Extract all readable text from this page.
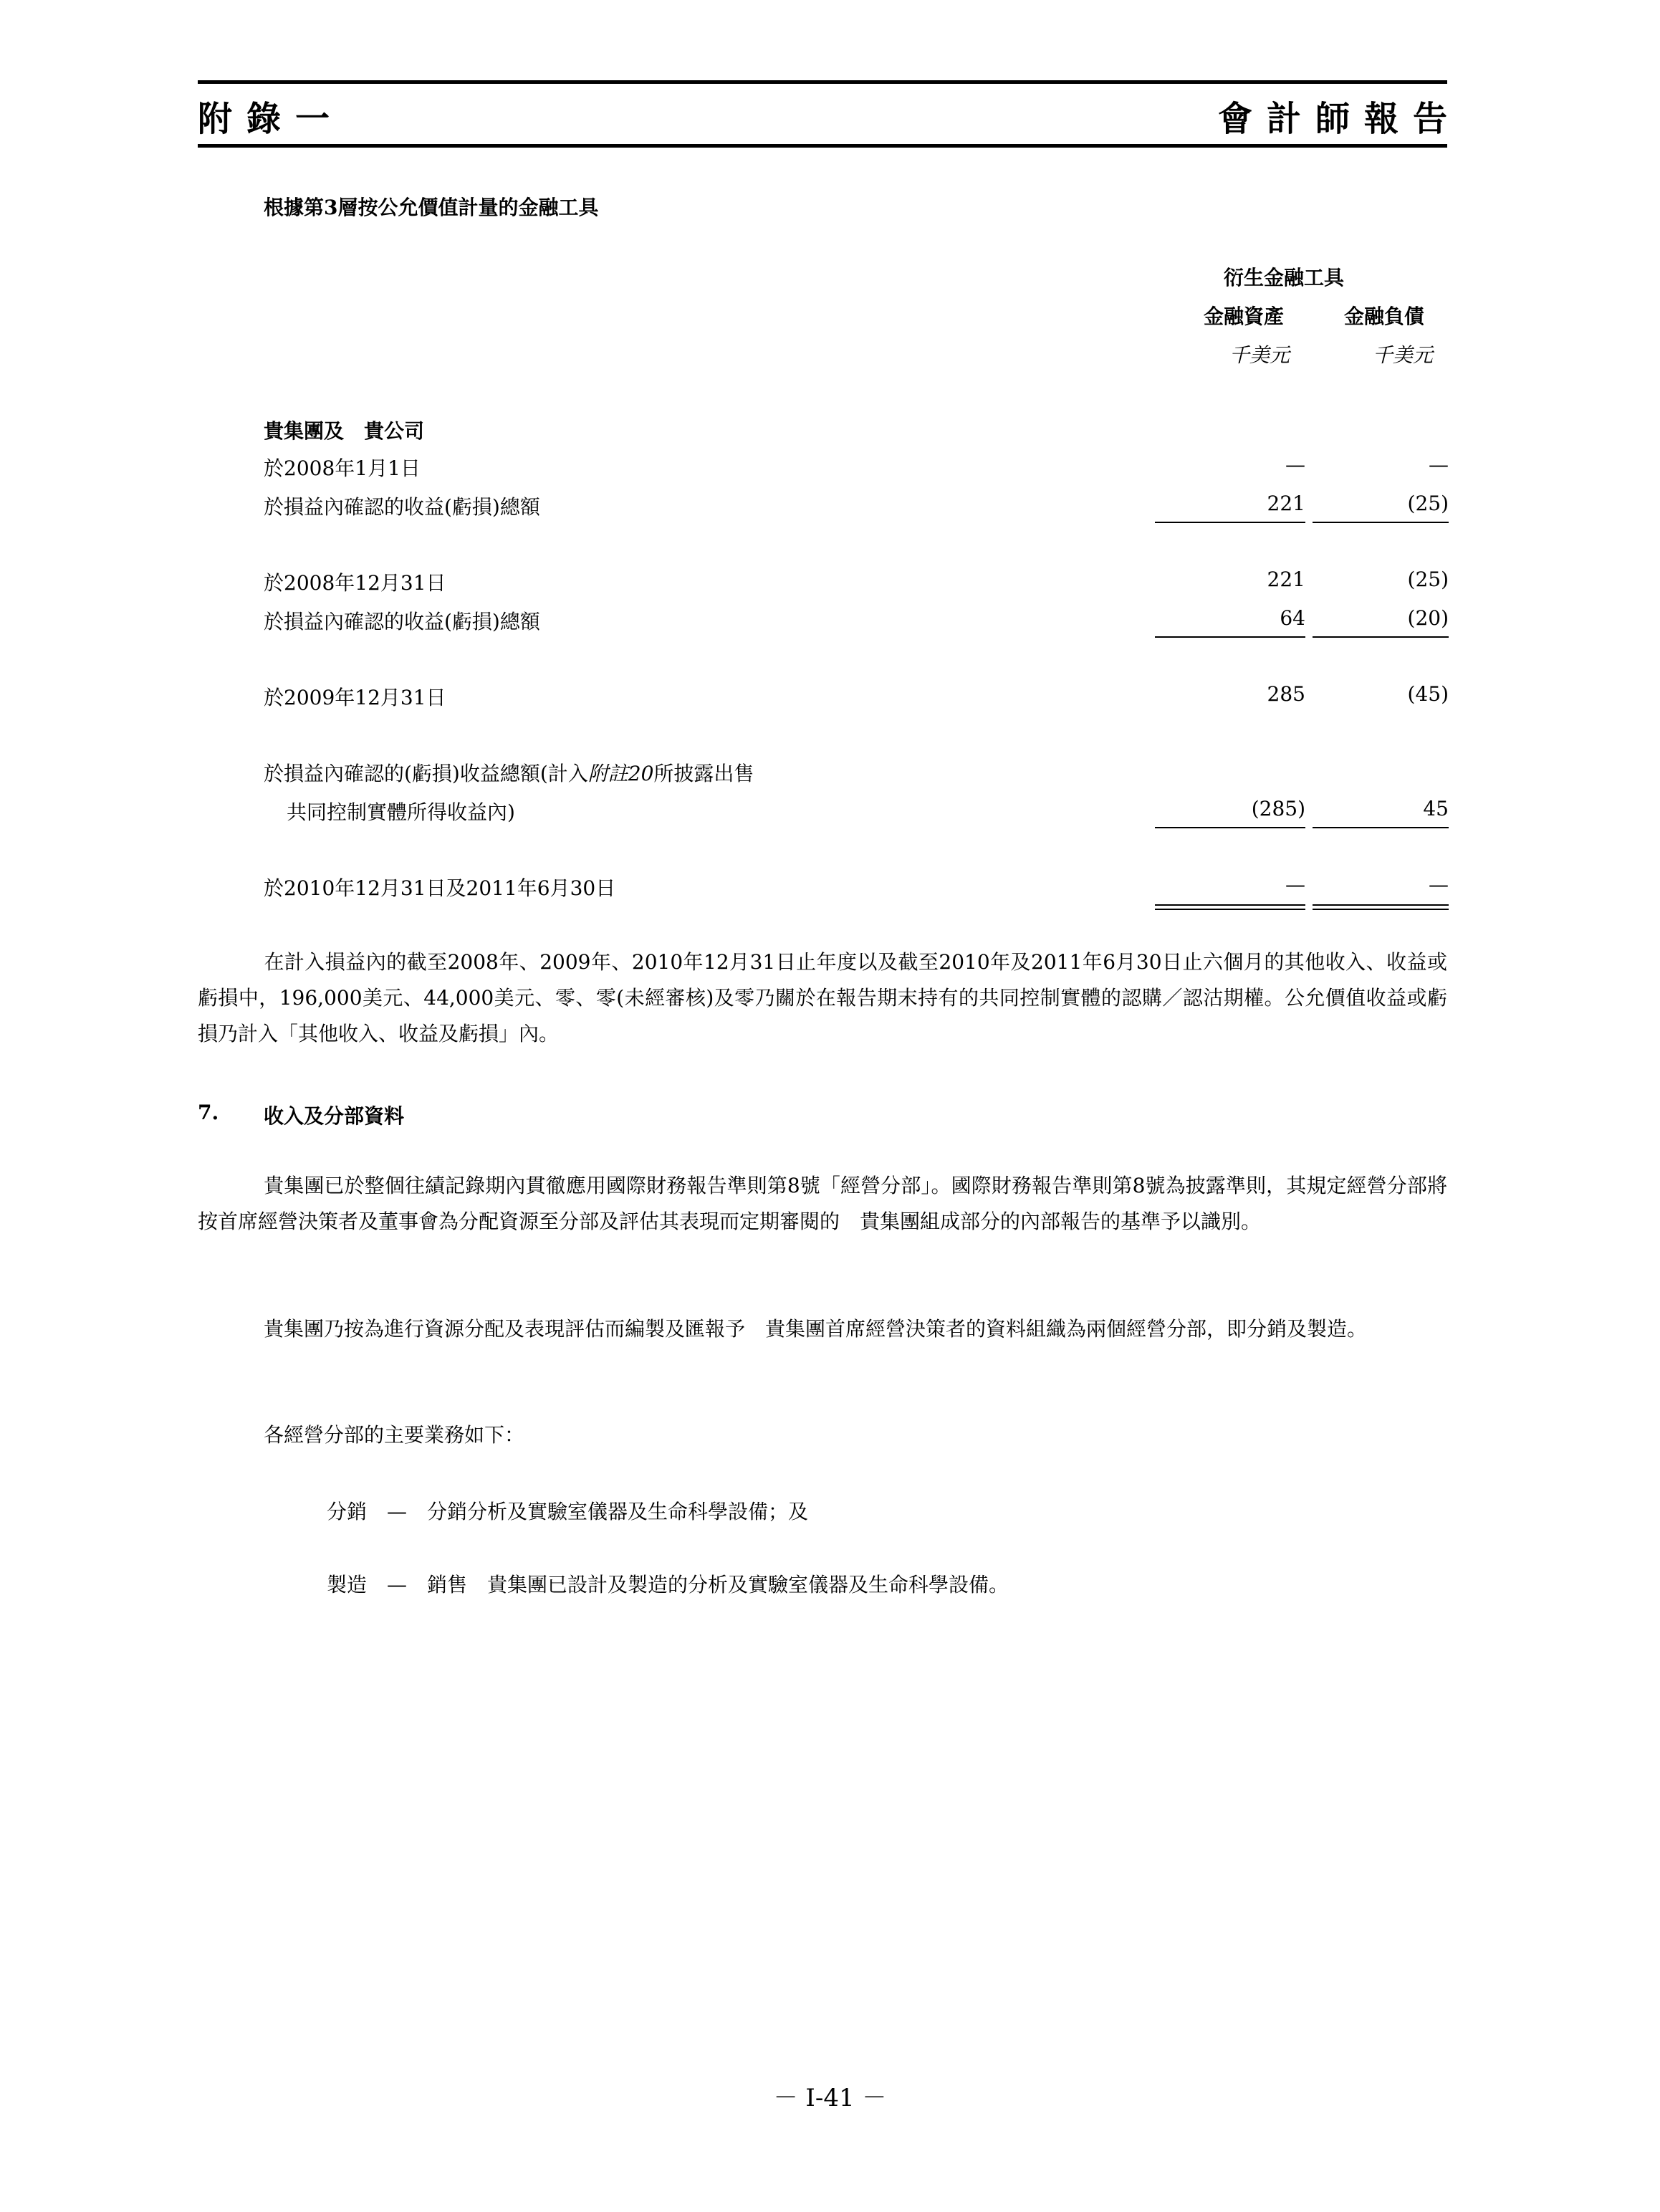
附錄一	會計師報告
根據第3層按公允價值計量的金融工具
衍生金融工具
金融資產	金融負債
千美元	千美元
貴集團及　貴公司
於2008年1月1日	—	—
於損益內確認的收益(虧損)總額	221	(25)
於2008年12月31日	221	(25)
於損益內確認的收益(虧損)總額	64	(20)
於2009年12月31日	285	(45)
於損益內確認的(虧損)收益總額(計入附註20所披露出售
共同控制實體所得收益內)	(285)	45
於2010年12月31日及2011年6月30日	—	—
在計入損益內的截至2008年、2009年、2010年12月31日止年度以及截至2010年及2011年6月30日止六個月的其他收入、收益或虧損中，196,000美元、44,000美元、零、零(未經審核)及零乃關於在報告期末持有的共同控制實體的認購／認沽期權。公允價值收益或虧損乃計入「其他收入、收益及虧損」內。
7. 收入及分部資料
貴集團已於整個往績記錄期內貫徹應用國際財務報告準則第8號「經營分部」。國際財務報告準則第8號為披露準則，其規定經營分部將按首席經營決策者及董事會為分配資源至分部及評估其表現而定期審閱的　貴集團組成部分的內部報告的基準予以識別。
貴集團乃按為進行資源分配及表現評估而編製及匯報予　貴集團首席經營決策者的資料組織為兩個經營分部，即分銷及製造。
各經營分部的主要業務如下：
分銷　—　分銷分析及實驗室儀器及生命科學設備；及
製造　—　銷售　貴集團已設計及製造的分析及實驗室儀器及生命科學設備。
－ I-41 －
